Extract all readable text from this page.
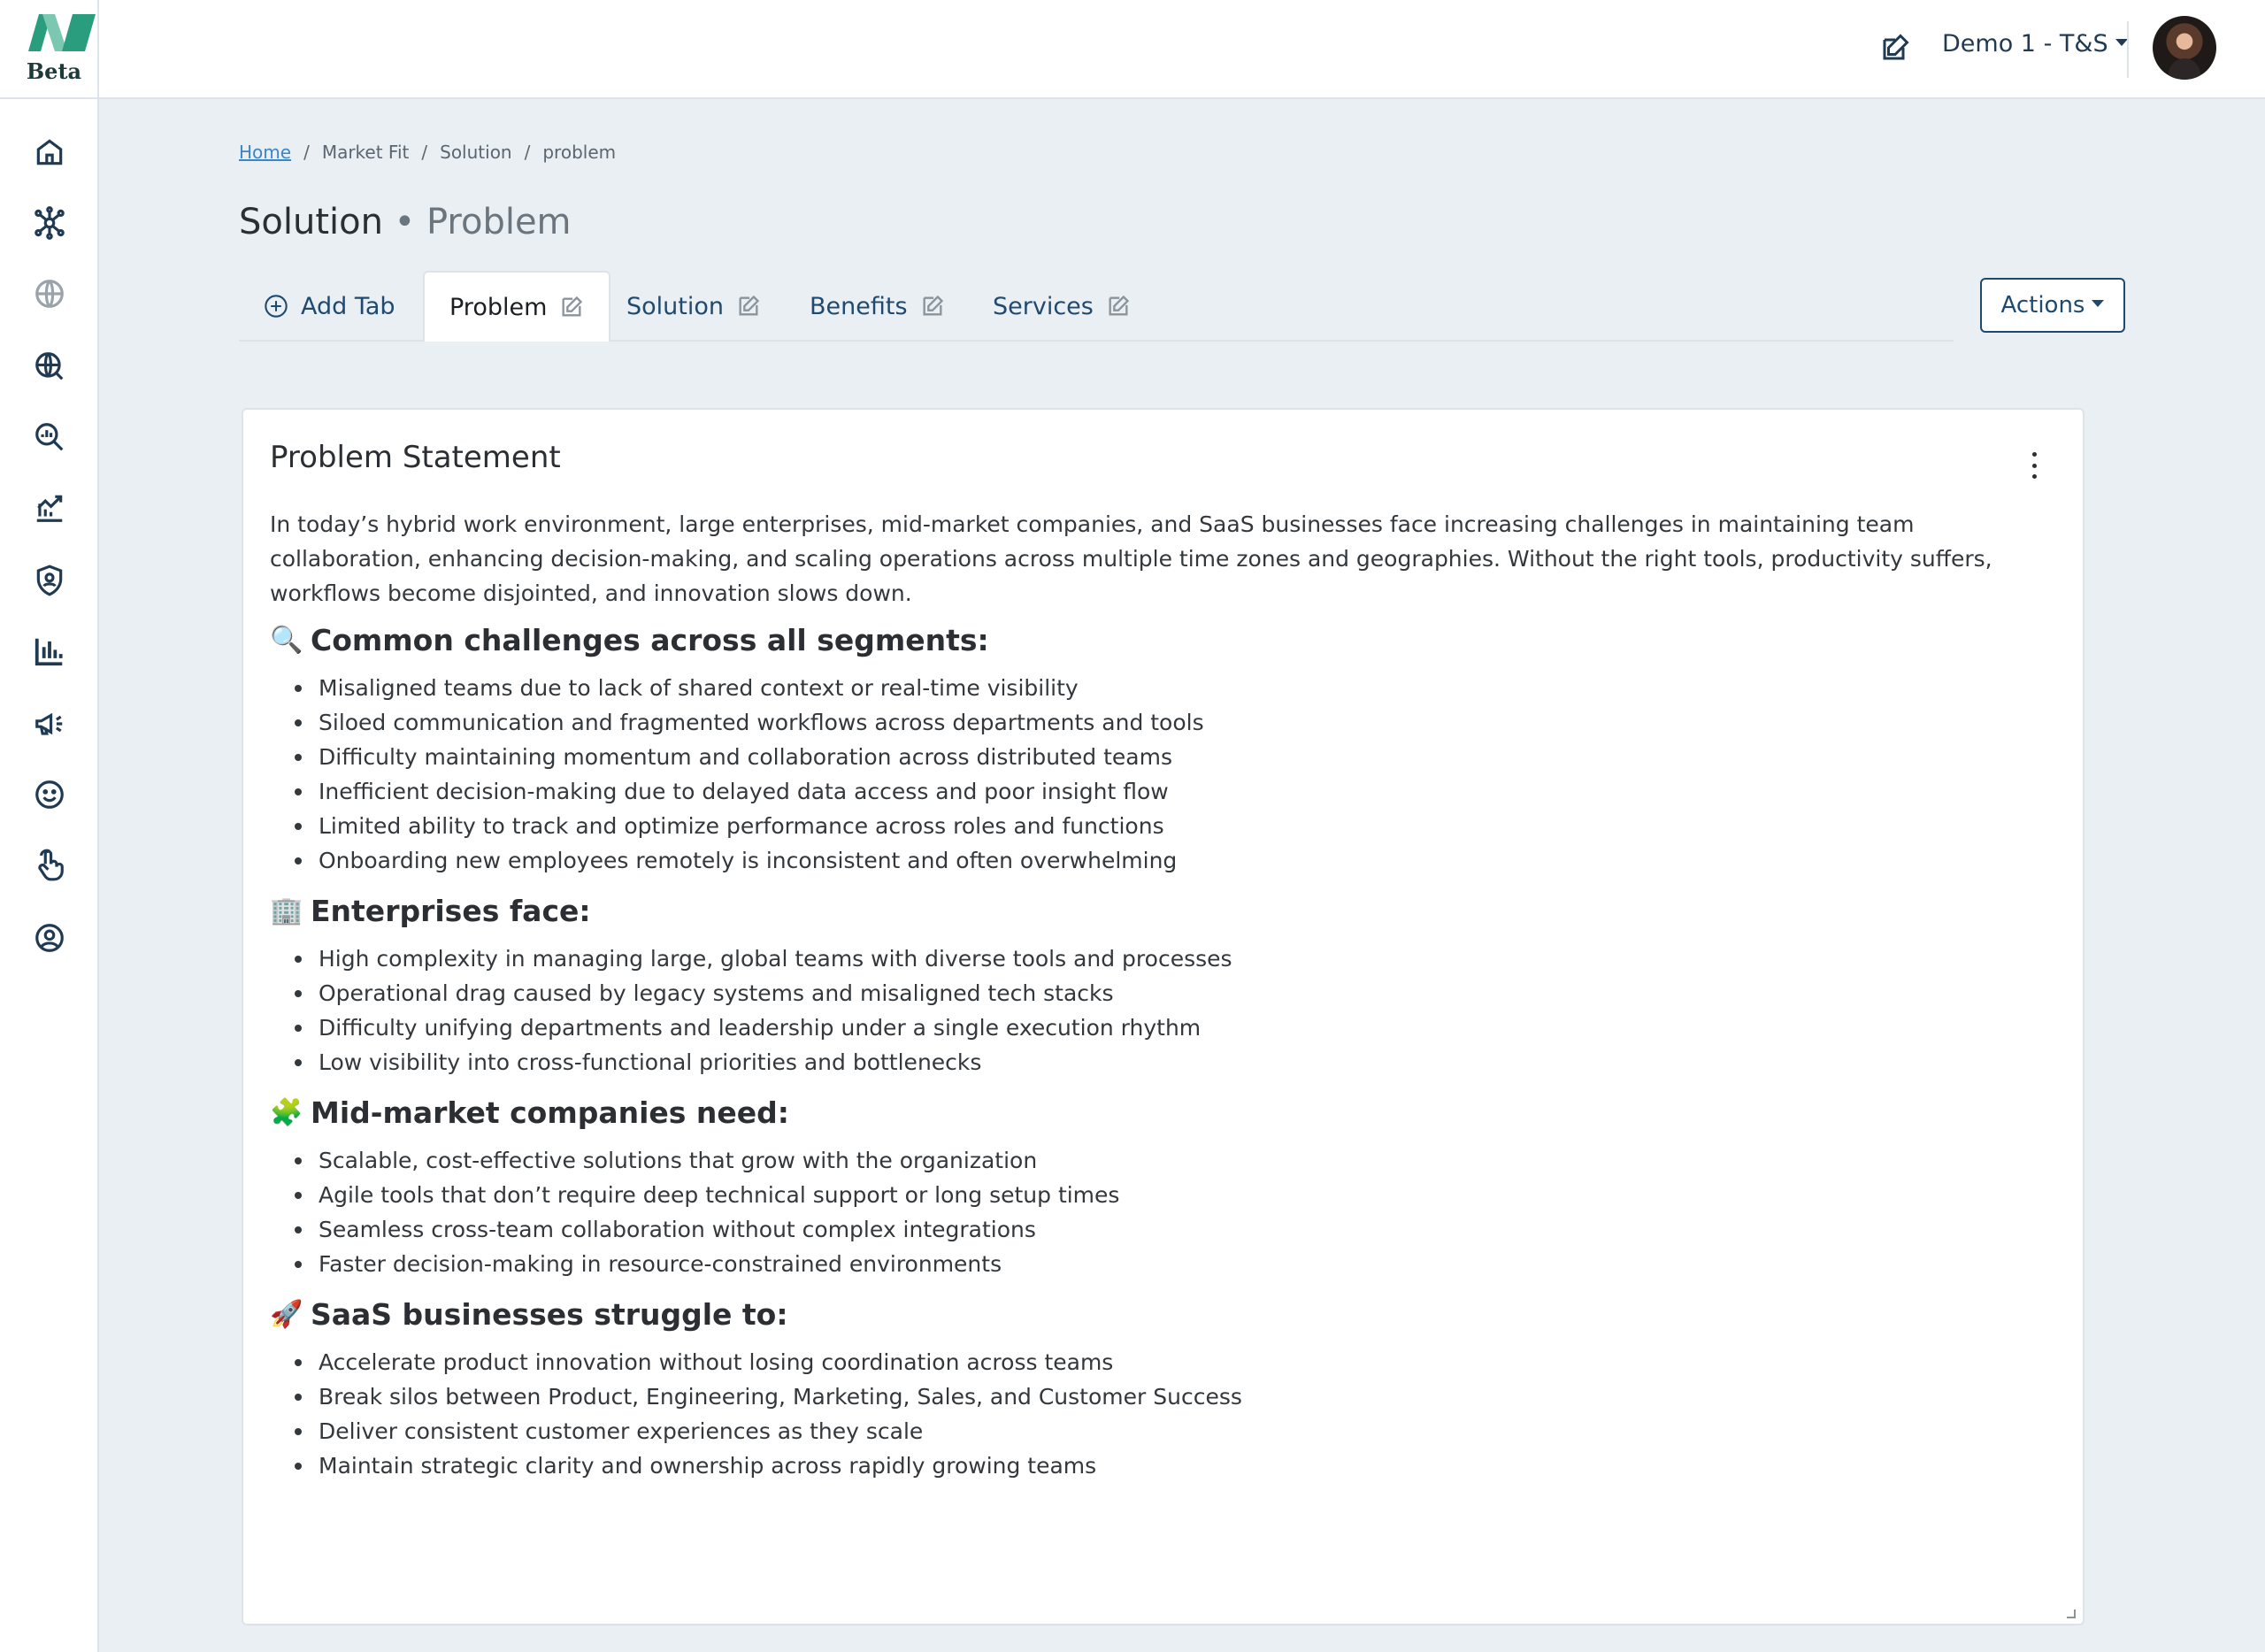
Beta
Demo 1 - T&S
Home / Market Fit / Solution / problem
Solution • Problem
Add Tab Problem	Solution	Benefits	Services	Actions
Problem Statement

In today’s hybrid work environment, large enterprises, mid-market companies, and SaaS businesses face increasing challenges in maintaining team collaboration, enhancing decision-making, and scaling operations across multiple time zones and geographies. Without the right tools, productivity suffers, workflows become disjointed, and innovation slows down.

🔍 Common challenges across all segments:
Misaligned teams due to lack of shared context or real-time visibility
Siloed communication and fragmented workflows across departments and tools
Difficulty maintaining momentum and collaboration across distributed teams
Inefficient decision-making due to delayed data access and poor insight flow
Limited ability to track and optimize performance across roles and functions
Onboarding new employees remotely is inconsistent and often overwhelming
🏢 Enterprises face:
High complexity in managing large, global teams with diverse tools and processes
Operational drag caused by legacy systems and misaligned tech stacks
Difficulty unifying departments and leadership under a single execution rhythm
Low visibility into cross-functional priorities and bottlenecks
🧩 Mid-market companies need:
Scalable, cost-effective solutions that grow with the organization
Agile tools that don’t require deep technical support or long setup times
Seamless cross-team collaboration without complex integrations
Faster decision-making in resource-constrained environments
🚀 SaaS businesses struggle to:
Accelerate product innovation without losing coordination across teams
Break silos between Product, Engineering, Marketing, Sales, and Customer Success
Deliver consistent customer experiences as they scale
Maintain strategic clarity and ownership across rapidly growing teams
